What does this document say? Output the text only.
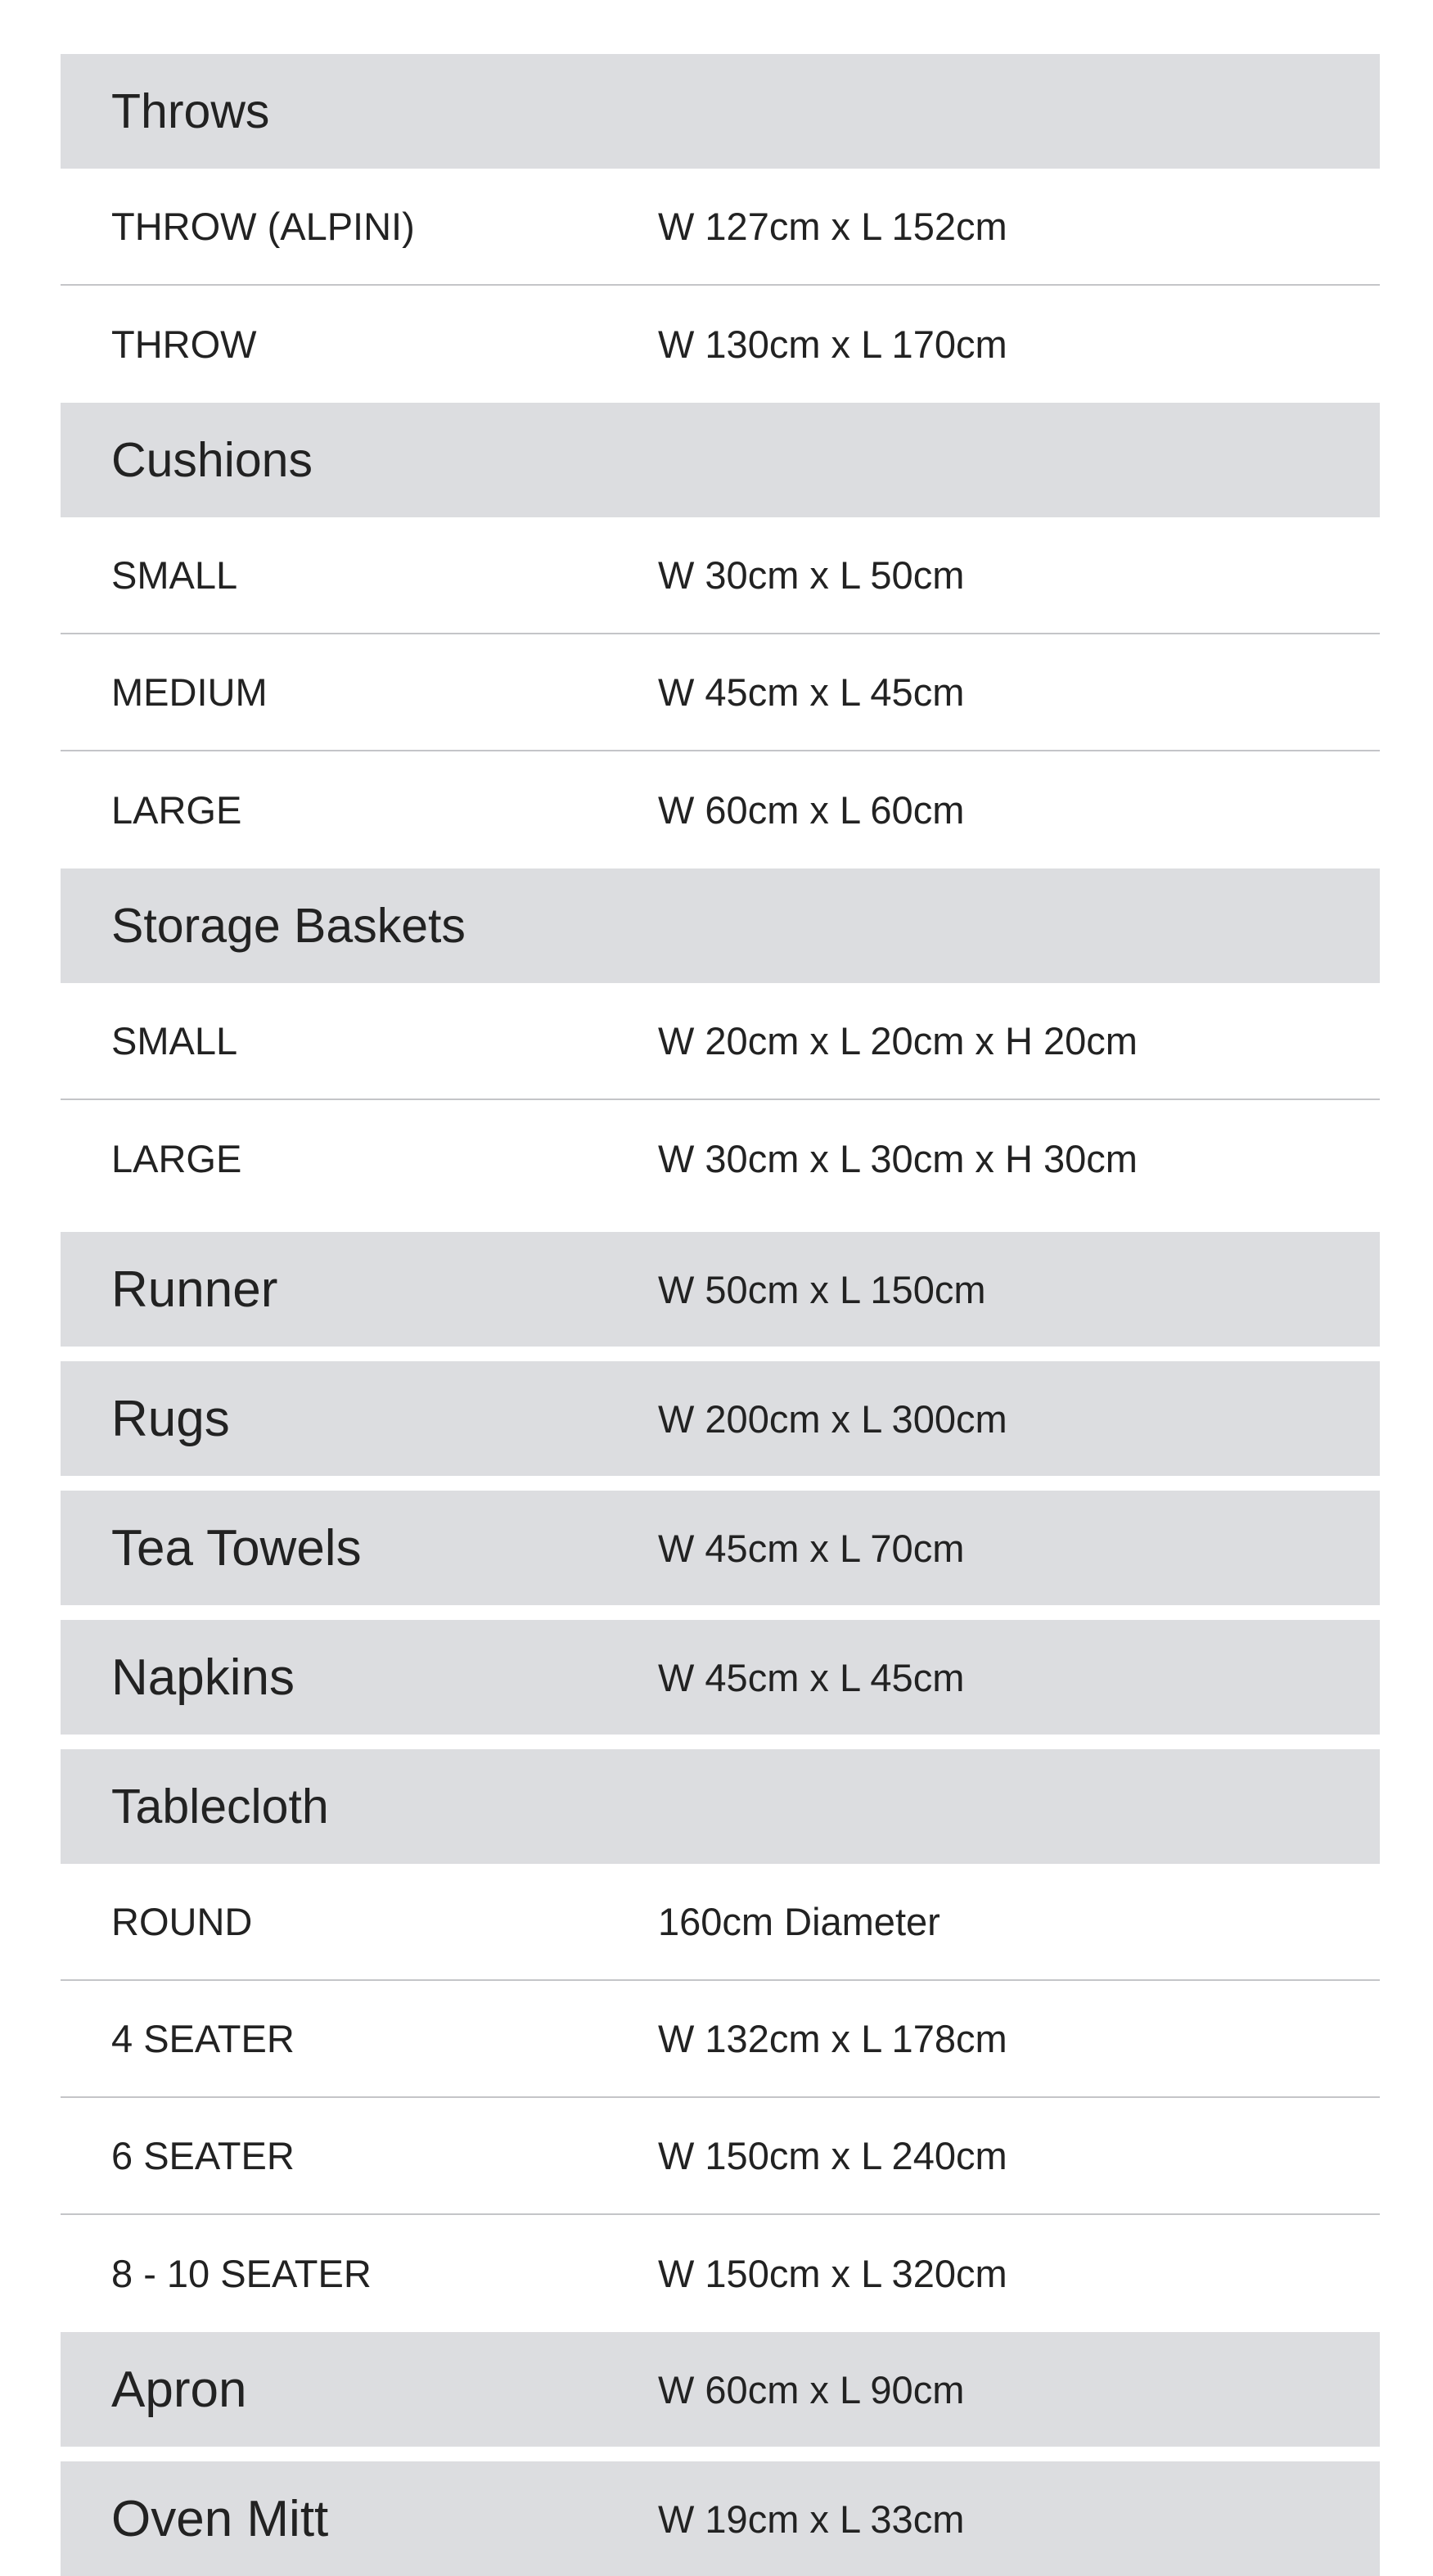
Throws
THROW (ALPINI)	W 127cm x L 152cm
THROW	W 130cm x L 170cm
Cushions
SMALL	W 30cm x L 50cm
MEDIUM	W 45cm x L 45cm
LARGE	W 60cm x L 60cm
Storage Baskets
SMALL	W 20cm x L 20cm x H 20cm
LARGE	W 30cm x L 30cm x H 30cm
Runner	W 50cm x L 150cm
Rugs	W 200cm x L 300cm
Tea Towels	W 45cm x L 70cm
Napkins	W 45cm x L 45cm
Tablecloth
ROUND	160cm Diameter
4 SEATER	W 132cm x L 178cm
6 SEATER	W 150cm x L 240cm
8 - 10 SEATER	W 150cm x L 320cm
Apron	W 60cm x L 90cm
Oven Mitt	W 19cm x L 33cm
